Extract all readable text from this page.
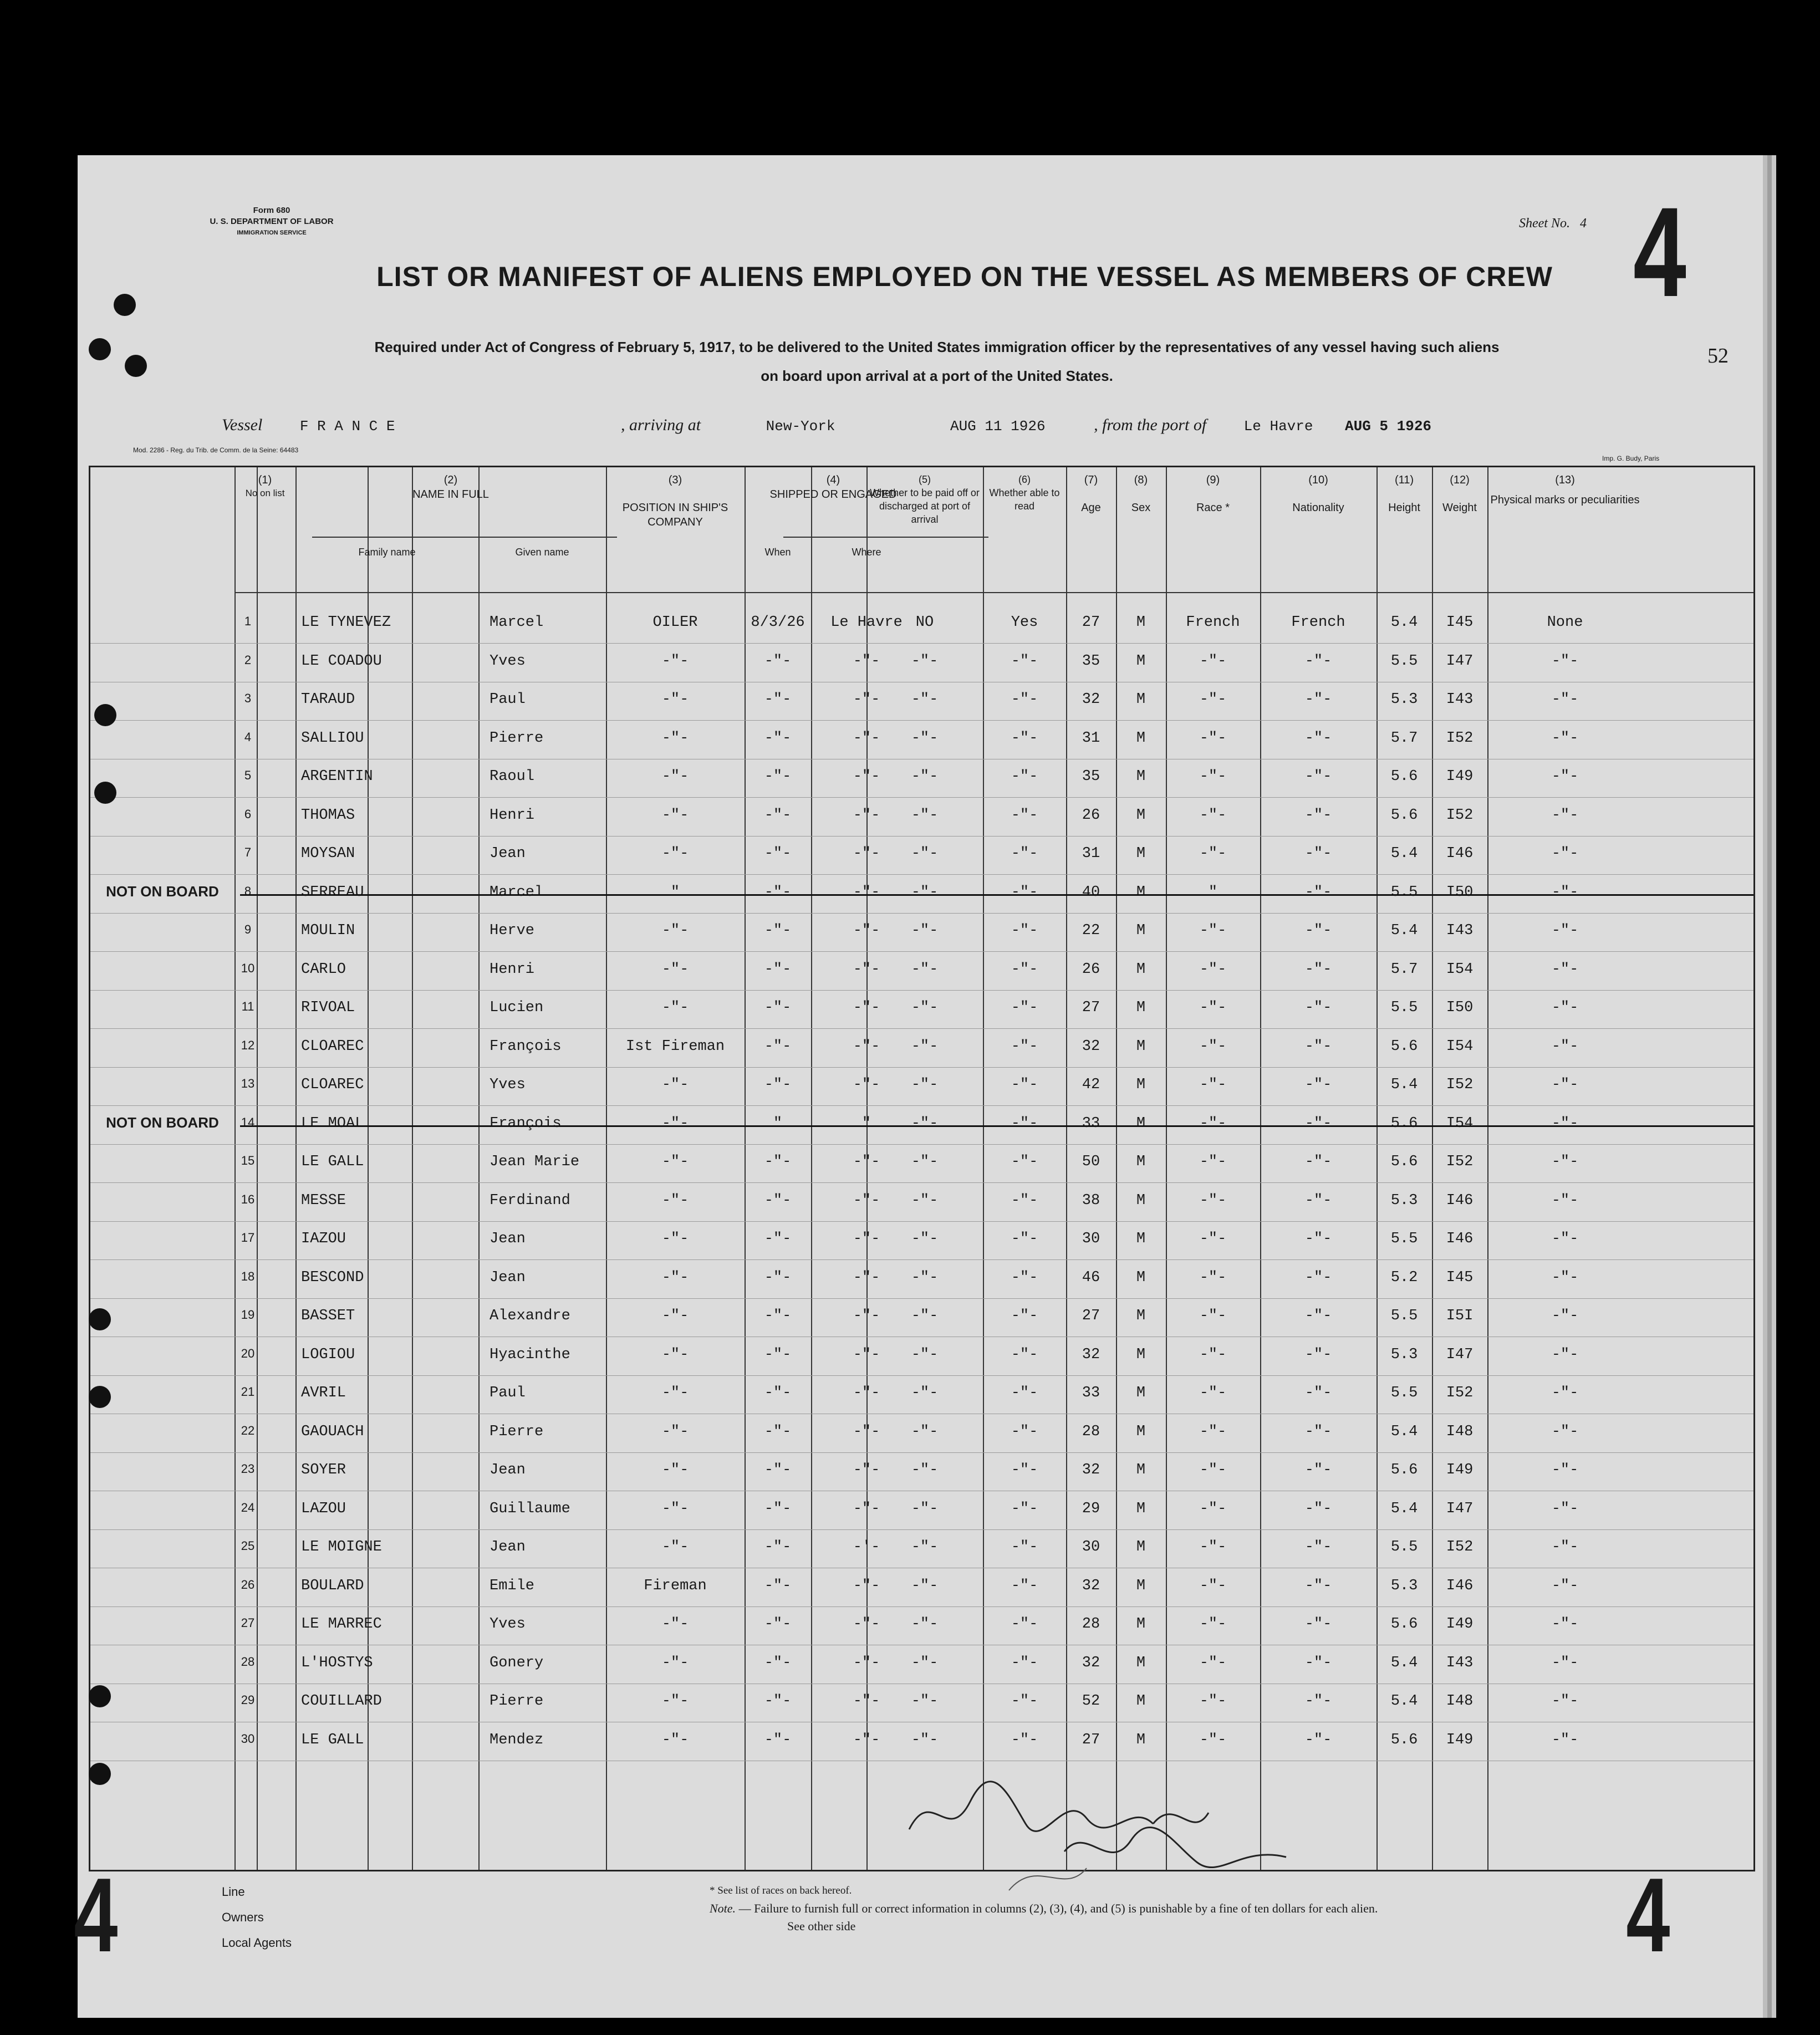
Form 680
U. S. DEPARTMENT OF LABOR
IMMIGRATION SERVICE
Sheet No. 4 4
LIST OR MANIFEST OF ALIENS EMPLOYED ON THE VESSEL AS MEMBERS OF CREW
Required under Act of Congress of February 5, 1917, to be delivered to the United States immigration officer by the representatives of any vessel having such aliens
on board upon arrival at a port of the United States.
52
Vessel	F R A N C E	, arriving at	New-York	AUG 11 1926	, from the port of	Le Havre AUG 5 1926
Mod. 2286 - Reg. du Trib. de Comm. de la Seine: 64483
Imp. G. Budy, Paris
(1)
No on list
(2)
NAME IN FULL
Family name	Given name
(3)
POSITION IN SHIP'S COMPANY
(4)
SHIPPED OR ENGAGED
When	Where
(5)
Whether to be paid off or discharged at port of arrival
(6)
Whether able to read
(7)
Age
(8)
Sex
(9)
Race *
(10)
Nationality
(11)
Height
(12)
Weight
(13)
Physical marks or peculiarities
1	LE TYNEVEZ	Marcel	OILER	8/3/26	Le Havre NO	Yes	27	M	French	French	5.4	I45	None
2	LE COADOU	Yves	-"-	-"-	-"-	-"-	-"-	35	M	-"-	-"-	5.5	I47	-"-
3	TARAUD	Paul	-"-	-"-	-"-	-"-	-"-	32	M	-"-	-"-	5.3	I43	-"-
4	SALLIOU	Pierre	-"-	-"-	-"-	-"-	-"-	31	M	-"-	-"-	5.7	I52	-"-
5	ARGENTIN	Raoul	-"-	-"-	-"-	-"-	-"-	35	M	-"-	-"-	5.6	I49	-"-
6	THOMAS	Henri	-"-	-"-	-"-	-"-	-"-	26	M	-"-	-"-	5.6	I52	-"-
7	MOYSAN	Jean	-"-	-"-	-"-	-"-	-"-	31	M	-"-	-"-	5.4	I46	-"-
8	SERREAU	Marcel	"	-"-	-"-	-"-	-"-	40	M	"	-"-	5.5	I50	-"-
NOT ON BOARD
9	MOULIN	Herve	-"-	-"-	-"-	-"-	-"-	22	M	-"-	-"-	5.4	I43	-"-
10	CARLO	Henri	-"-	-"-	-"-	-"-	-"-	26	M	-"-	-"-	5.7	I54	-"-
11	RIVOAL	Lucien	-"-	-"-	-"-	-"-	-"-	27	M	-"-	-"-	5.5	I50	-"-
12	CLOAREC	François	Ist Fireman	-"-	-"-	-"-	-"-	32	M	-"-	-"-	5.6	I54	-"-
13	CLOAREC	Yves	-"-	-"-	-"-	-"-	-"-	42	M	-"-	-"-	5.4	I52	-"-
14	LE MOAL	François	-"-	"	"	-"-	-"-	33	M	-"-	-"-	5.6	I54	-"-
NOT ON BOARD
15	LE GALL	Jean Marie	-"-	-"-	-"-	-"-	-"-	50	M	-"-	-"-	5.6	I52	-"-
16	MESSE	Ferdinand	-"-	-"-	-"-	-"-	-"-	38	M	-"-	-"-	5.3	I46	-"-
17	IAZOU	Jean	-"-	-"-	-"-	-"-	-"-	30	M	-"-	-"-	5.5	I46	-"-
18	BESCOND	Jean	-"-	-"-	-"-	-"-	-"-	46	M	-"-	-"-	5.2	I45	-"-
19	BASSET	Alexandre	-"-	-"-	-"-	-"-	-"-	27	M	-"-	-"-	5.5	I5I	-"-
20	LOGIOU	Hyacinthe	-"-	-"-	-"-	-"-	-"-	32	M	-"-	-"-	5.3	I47	-"-
21	AVRIL	Paul	-"-	-"-	-"-	-"-	-"-	33	M	-"-	-"-	5.5	I52	-"-
22	GAOUACH	Pierre	-"-	-"-	-"-	-"-	-"-	28	M	-"-	-"-	5.4	I48	-"-
23	SOYER	Jean	-"-	-"-	-"-	-"-	-"-	32	M	-"-	-"-	5.6	I49	-"-
24	LAZOU	Guillaume	-"-	-"-	-"-	-"-	-"-	29	M	-"-	-"-	5.4	I47	-"-
25	LE MOIGNE	Jean	-"-	-"-	-'-	-"-	-"-	30	M	-"-	-"-	5.5	I52	-"-
26	BOULARD	Emile	Fireman	-"-	-"-	-"-	-"-	32	M	-"-	-"-	5.3	I46	-"-
27	LE MARREC	Yves	-"-	-"-	-"-	-"-	-"-	28	M	-"-	-"-	5.6	I49	-"-
28	L'HOSTYS	Gonery	-"-	-"-	-"-	-"-	-"-	32	M	-"-	-"-	5.4	I43	-"-
29	COUILLARD	Pierre	-"-	-"-	-"-	-"-	-"-	52	M	-"-	-"-	5.4	I48	-"-
30	LE GALL	Mendez	-"-	-"-	-"-	-"-	-"-	27	M	-"-	-"-	5.6	I49	-"-
4	4
Line
Owners
Local Agents
* See list of races on back hereof.
Note. — Failure to furnish full or correct information in columns (2), (3), (4), and (5) is punishable by a fine of ten dollars for each alien.
See other side
